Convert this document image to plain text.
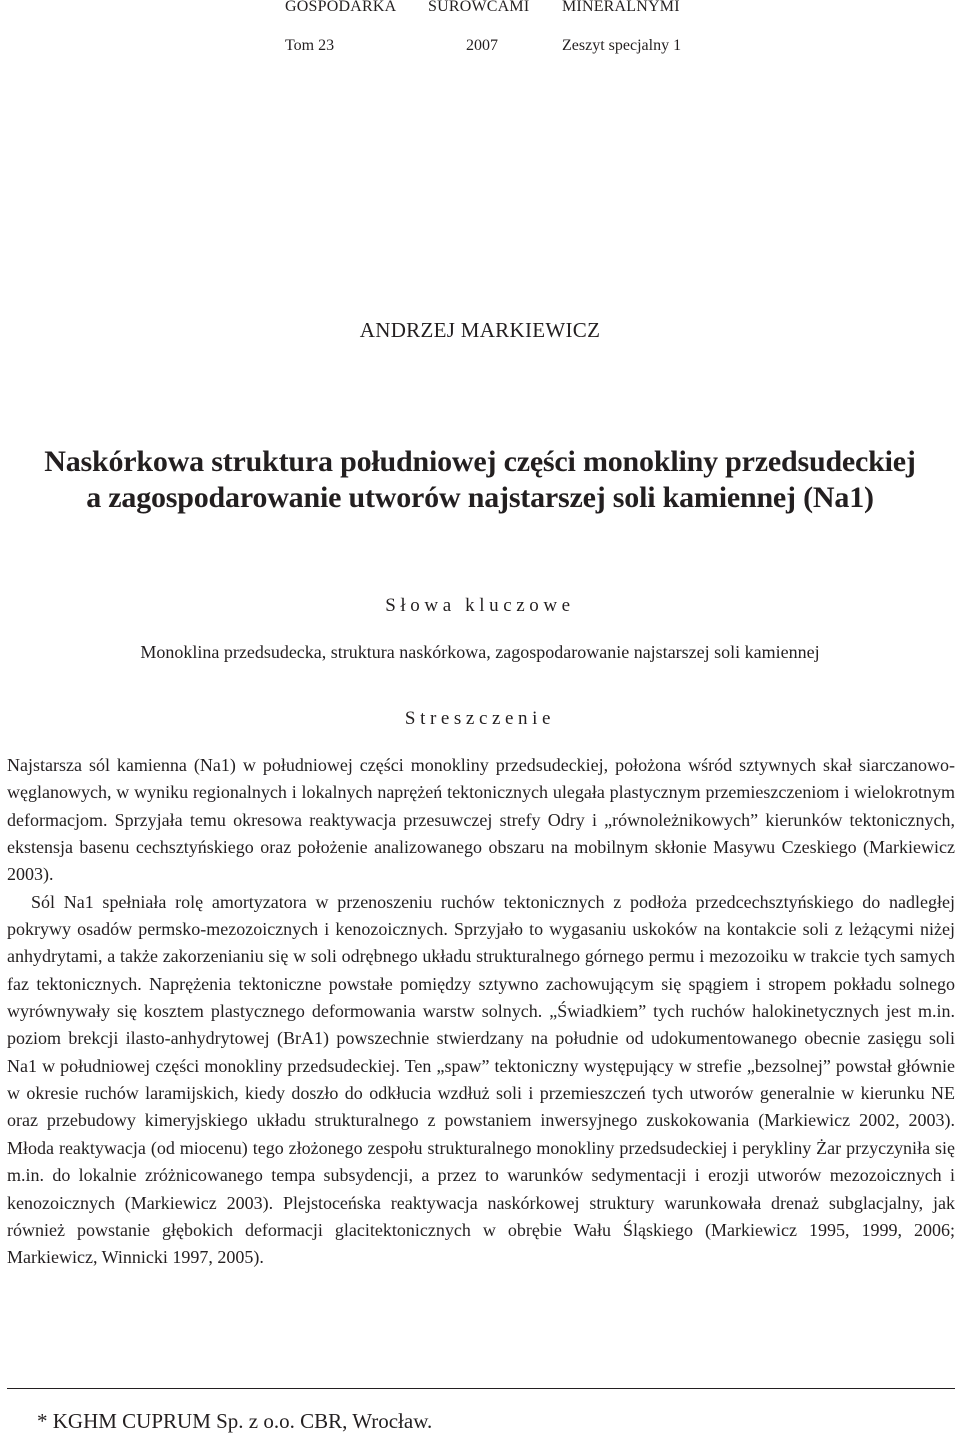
GOSPODARKA SUROWCAMI MINERALNYMI
Tom 23	2007	Zeszyt specjalny 1
ANDRZEJ MARKIEWICZ
Naskórkowa struktura południowej części monokliny przedsudeckiej
a zagospodarowanie utworów najstarszej soli kamiennej (Na1)
Słowa kluczowe
Monoklina przedsudecka, struktura naskórkowa, zagospodarowanie najstarszej soli kamiennej
Streszczenie

Najstarsza sól kamienna (Na1) w południowej części monokliny przedsudeckiej, położona wśród sztywnych skał siarczanowo-węglanowych, w wyniku regionalnych i lokalnych naprężeń tektonicznych ulegała plastycznym przemieszczeniom i wielokrotnym deformacjom. Sprzyjała temu okresowa reaktywacja przesuwczej strefy Odry i „równoleżnikowych” kierunków tektonicznych, ekstensja basenu cechsztyńskiego oraz położenie analizowanego obszaru na mobilnym skłonie Masywu Czeskiego (Markiewicz 2003).

Sól Na1 spełniała rolę amortyzatora w przenoszeniu ruchów tektonicznych z podłoża przedcechsztyńskiego do nadległej pokrywy osadów permsko-mezozoicznych i kenozoicznych. Sprzyjało to wygasaniu uskoków na kontakcie soli z leżącymi niżej anhydrytami, a także zakorzenianiu się w soli odrębnego układu strukturalnego górnego permu i mezozoiku w trakcie tych samych faz tektonicznych. Naprężenia tektoniczne powstałe pomiędzy sztywno zachowującym się spągiem i stropem pokładu solnego wyrównywały się kosztem plastycznego deformowania warstw solnych. „Świadkiem” tych ruchów halokinetycznych jest m.in. poziom brekcji ilasto-anhydrytowej (BrA1) powszechnie stwierdzany na południe od udokumentowanego obecnie zasięgu soli Na1 w południowej części monokliny przedsudeckiej. Ten „spaw” tektoniczny występujący w strefie „bezsolnej” powstał głównie w okresie ruchów laramijskich, kiedy doszło do odkłucia wzdłuż soli i przemieszczeń tych utworów generalnie w kierunku NE oraz przebudowy kimeryjskiego układu strukturalnego z powstaniem inwersyjnego zuskokowania (Markiewicz 2002, 2003). Młoda reaktywacja (od miocenu) tego złożonego zespołu strukturalnego monokliny przedsudeckiej i perykliny Żar przyczyniła się m.in. do lokalnie zróżnicowanego tempa subsydencji, a przez to warunków sedymentacji i erozji utworów mezozoicznych i kenozoicznych (Markiewicz 2003). Plejstoceńska reaktywacja naskórkowej struktury warunkowała drenaż subglacjalny, jak również powstanie głębokich deformacji glacitektonicznych w obrębie Wału Śląskiego (Markiewicz 1995, 1999, 2006; Markiewicz, Winnicki 1997, 2005).

* KGHM CUPRUM Sp. z o.o. CBR, Wrocław.
